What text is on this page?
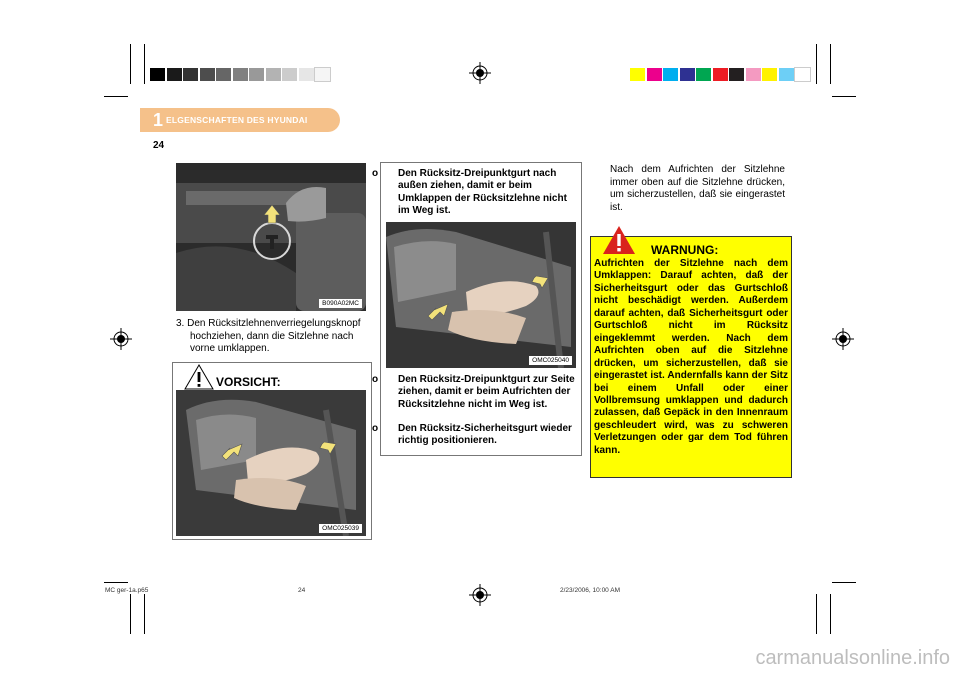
1 ELGENSCHAFTEN DES HYUNDAI
24
B090A02MC
3. Den Rücksitzlehnenverriegelungsknopf hochziehen, dann die Sitzlehne nach vorne umklappen.
VORSICHT:
OMC025039
o Den Rücksitz-Dreipunktgurt nach außen ziehen, damit er beim Umklappen der Rücksitzlehne nicht im Weg ist.
OMC025040
o Den Rücksitz-Dreipunktgurt zur Seite ziehen, damit er beim Aufrichten der Rücksitzlehne nicht im Weg ist.
o Den Rücksitz-Sicherheitsgurt wieder richtig positionieren.
Nach dem Aufrichten der Sitzlehne immer oben auf die Sitzlehne drücken, um sicherzustellen, daß sie eingerastet ist.
WARNUNG:
Aufrichten der Sitzlehne nach dem Umklappen: Darauf achten, daß der Sicherheitsgurt oder das Gurtschloß nicht beschädigt werden. Außerdem darauf achten, daß Sicherheitsgurt oder Gurtschloß nicht im Rücksitz eingeklemmt werden. Nach dem Aufrichten oben auf die Sitzlehne drücken, um sicherzustellen, daß sie eingerastet ist. Andernfalls kann der Sitz bei einem Unfall oder einer Vollbremsung umklappen und dadurch zulassen, daß Gepäck in den Innenraum geschleudert wird, was zu schweren Verletzungen oder gar dem Tod führen kann.
MC ger-1a.p65	24	2/23/2006, 10:00 AM
carmanualsonline.info
